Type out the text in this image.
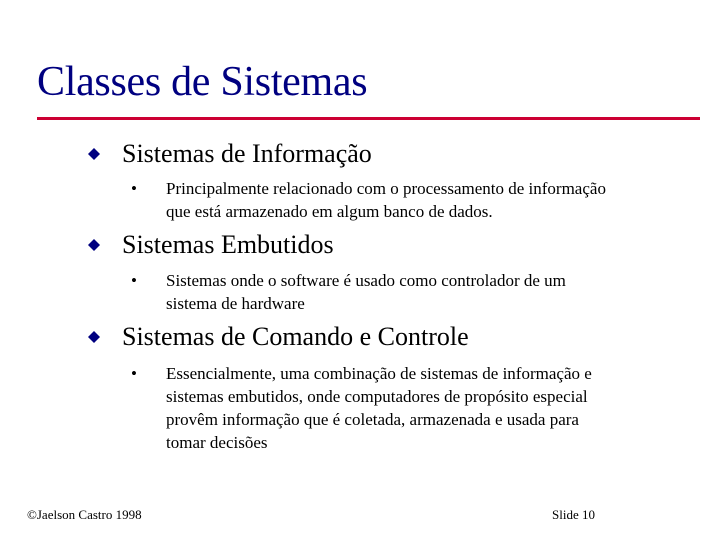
Classes de Sistemas
Sistemas de Informação
• Principalmente relacionado com o processamento de informação
que está armazenado em algum banco de dados.
Sistemas Embutidos
• Sistemas onde o software é usado como controlador de um
sistema de hardware
Sistemas de Comando e Controle
• Essencialmente, uma combinação de sistemas de informação e
sistemas embutidos, onde computadores de propósito especial
provêm informação que é coletada, armazenada e usada para
tomar decisões
©Jaelson Castro 1998	Slide 10
